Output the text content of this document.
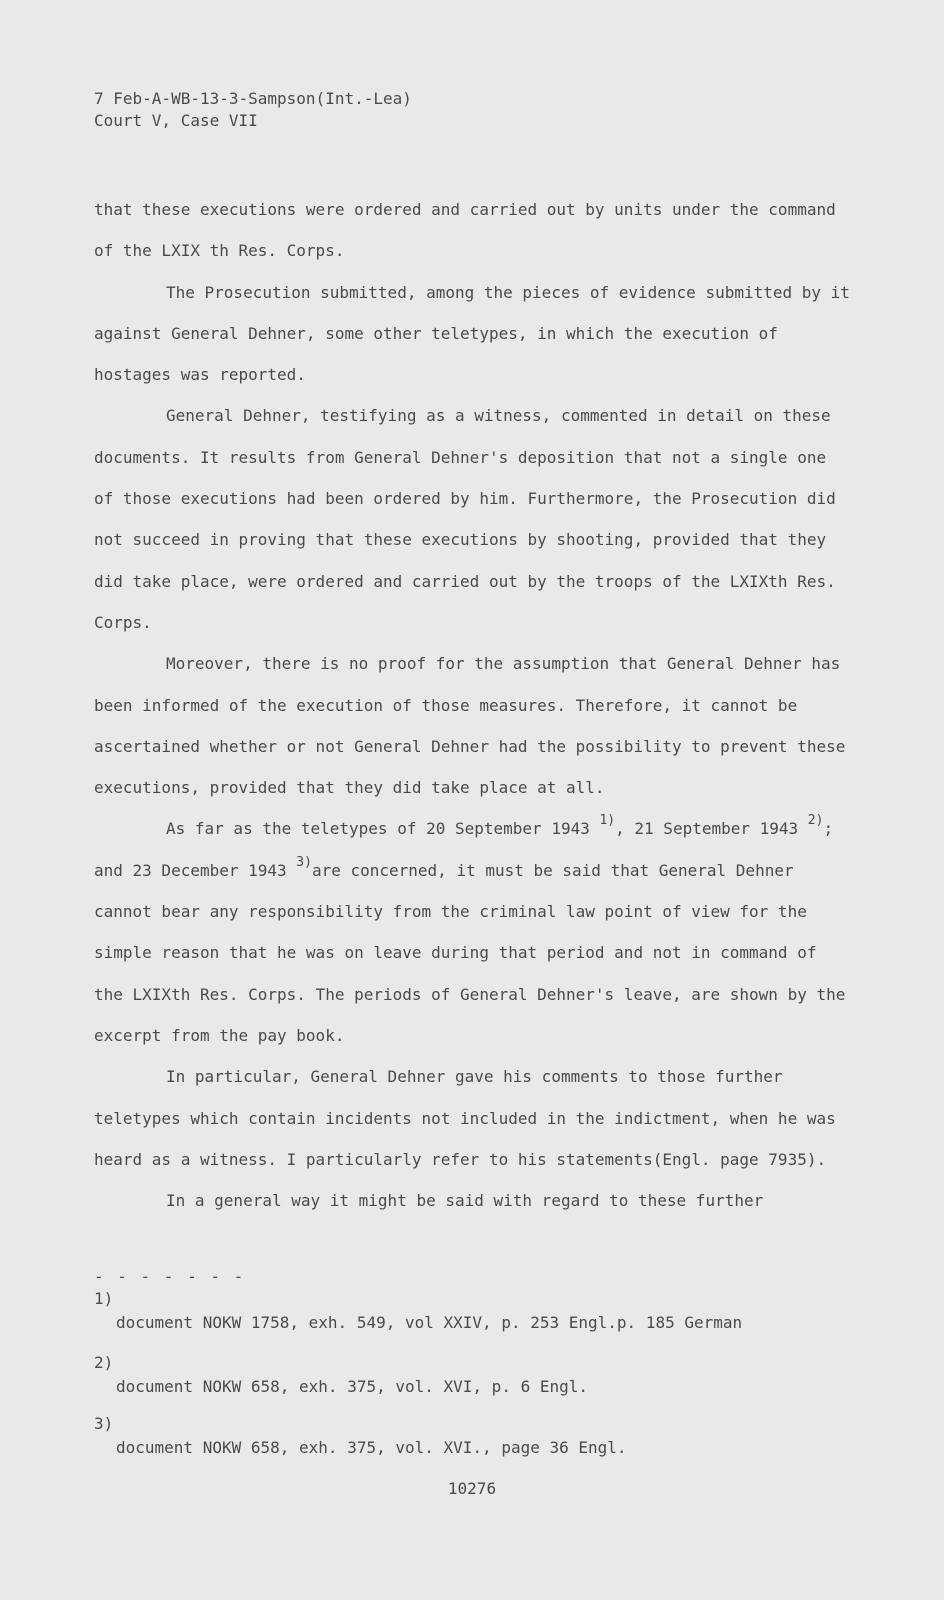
7 Feb-A-WB-13-3-Sampson(Int.-Lea)
Court V, Case VII

that these executions were ordered and carried out by units under the command of the LXIX th Res. Corps.

The Prosecution submitted, among the pieces of evidence submitted by it against General Dehner, some other teletypes, in which the execution of hostages was reported.

General Dehner, testifying as a witness, commented in detail on these documents. It results from General Dehner's deposition that not a single one of those executions had been ordered by him. Furthermore, the Prosecution did not succeed in proving that these executions by shooting, provided that they did take place, were ordered and carried out by the troops of the LXIXth Res. Corps.

Moreover, there is no proof for the assumption that General Dehner has been informed of the execution of those measures. Therefore, it cannot be ascertained whether or not General Dehner had the possibility to prevent these executions, provided that they did take place at all.

As far as the teletypes of 20 September 1943 $^{1)}$, 21 September 1943 $^{2)}$; and 23 December 1943 $^{3)}$are concerned, it must be said that General Dehner cannot bear any responsibility from the criminal law point of view for the simple reason that he was on leave during that period and not in command of the LXIXth Res. Corps. The periods of General Dehner's leave, are shown by the excerpt from the pay book.

In particular, General Dehner gave his comments to those further teletypes which contain incidents not included in the indictment, when he was heard as a witness. I particularly refer to his statements(Engl. page 7935).

In a general way it might be said with regard to these further

- - - - - - -
1)
document NOKW 1758, exh. 549, vol XXIV, p. 253 Engl.p. 185 German
2)
document NOKW 658, exh. 375, vol. XVI, p. 6 Engl.
3)
document NOKW 658, exh. 375, vol. XVI., page 36 Engl.
10276
